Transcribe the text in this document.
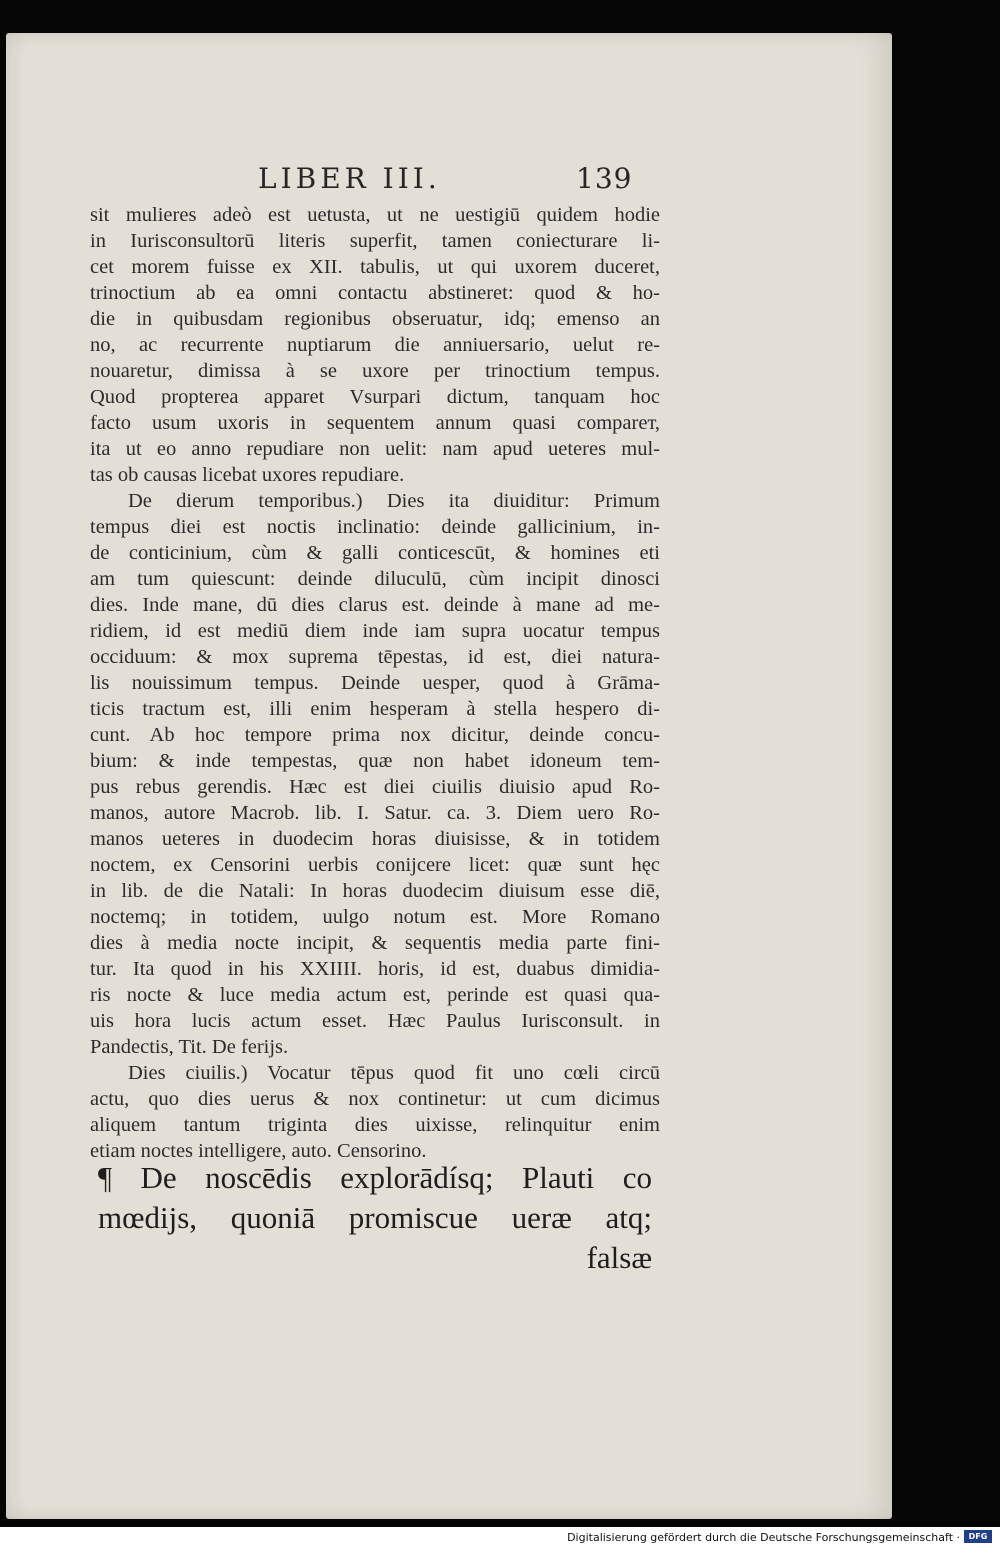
LIBER III.	139

sit mulieres adeò est uetusta, ut ne uestigiū quidem hodie
in Iurisconsultorū literis superfit, tamen coniecturare li-
cet morem fuisse ex XII. tabulis, ut qui uxorem duceret,
trinoctium ab ea omni contactu abstineret: quod & ho-
die in quibusdam regionibus obseruatur, idq; emenso an
no, ac recurrente nuptiarum die anniuersario, uelut re-
nouaretur, dimissa à se uxore per trinoctium tempus.
Quod propterea apparet Vsurpari dictum, tanquam hoc
facto usum uxoris in sequentem annum quasi compareт,
ita ut eo anno repudiare non uelit: nam apud ueteres mul-
tas ob causas licebat uxores repudiare.

De dierum temporibus.) Dies ita diuiditur: Primum
tempus diei est noctis inclinatio: deinde gallicinium, in-
de conticinium, cùm & galli conticescūt, & homines eti
am tum quiescunt: deinde diluculū, cùm incipit dinosci
dies. Inde mane, dū dies clarus est. deinde à mane ad me-
ridiem, id est mediū diem inde iam supra uocatur tempus
occiduum: & mox suprema tēpestas, id est, diei natura-
lis nouissimum tempus. Deinde uesper, quod à Grāma-
ticis tractum est, illi enim hesperam à stella hespero di-
cunt. Ab hoc tempore prima nox dicitur, deinde concu-
bium: & inde tempestas, quæ non habet idoneum tem-
pus rebus gerendis. Hæc est diei ciuilis diuisio apud Ro-
manos, autore Macrob. lib. I. Satur. ca. 3. Diem uero Ro-
manos ueteres in duodecim horas diuisisse, & in totidem
noctem, ex Censorini uerbis conijcere licet: quæ sunt hęc
in lib. de die Natali: In horas duodecim diuisum esse diē,
noctemq; in totidem, uulgo notum est. More Romano
dies à media nocte incipit, & sequentis media parte fini-
tur. Ita quod in his XXIIII. horis, id est, duabus dimidia-
ris nocte & luce media actum est, perinde est quasi qua-
uis hora lucis actum esset. Hæc Paulus Iurisconsult. in
Pandectis, Tit. De ferijs.

Dies ciuilis.) Vocatur tēpus quod fit uno cœli circū
actu, quo dies uerus & nox continetur: ut cum dicimus
aliquem tantum triginta dies uixisse, relinquitur enim
etiam noctes intelligere, auto. Censorino.

¶ De noscēdis explorādísq; Plauti co
mœdijs, quoniā promiscue ueræ atq;
falsæ
Digitalisierung gefördert durch die Deutsche Forschungsgemeinschaft ·	DFG
